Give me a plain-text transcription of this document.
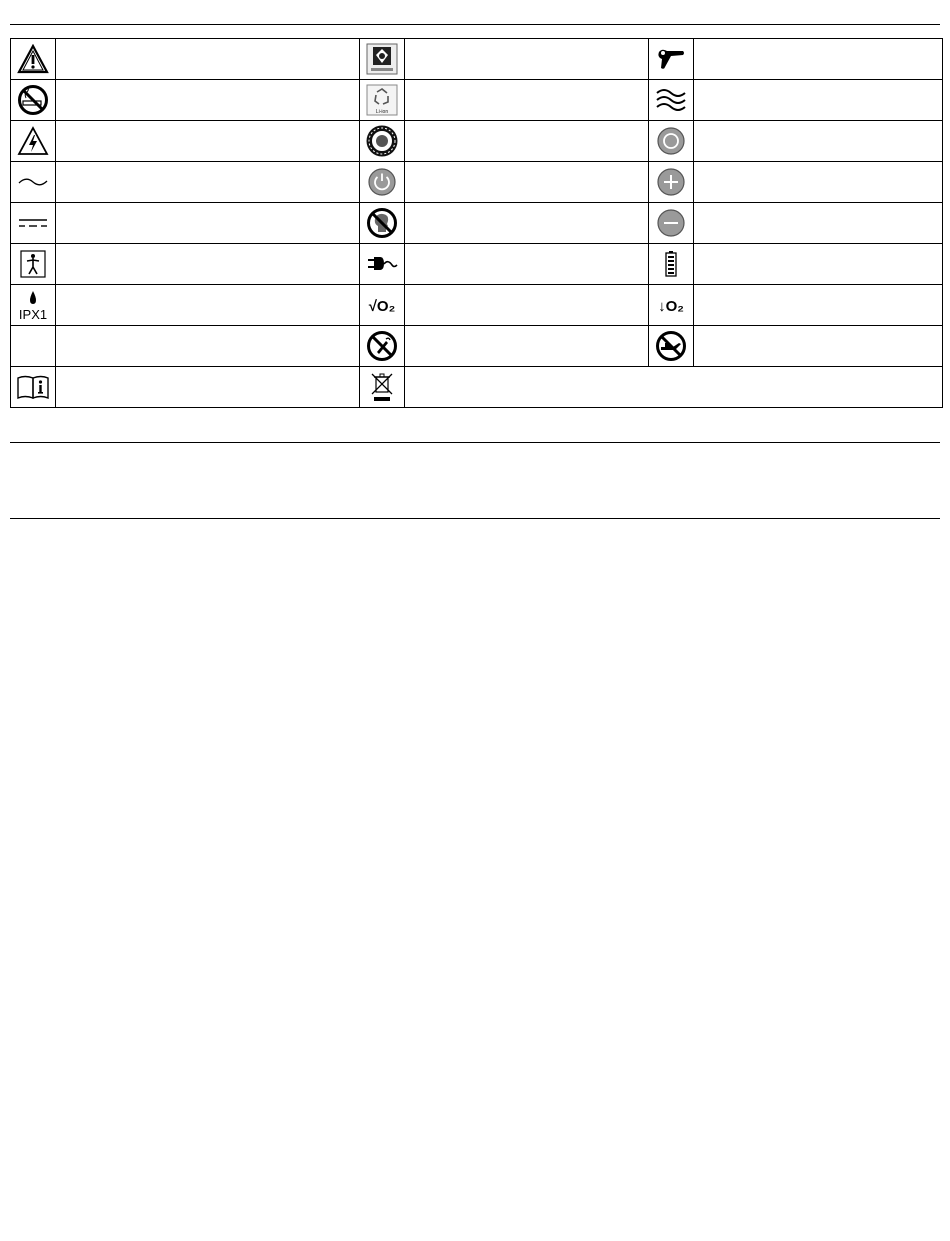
Li-ion

IPX1		√O₂		↓O₂	
